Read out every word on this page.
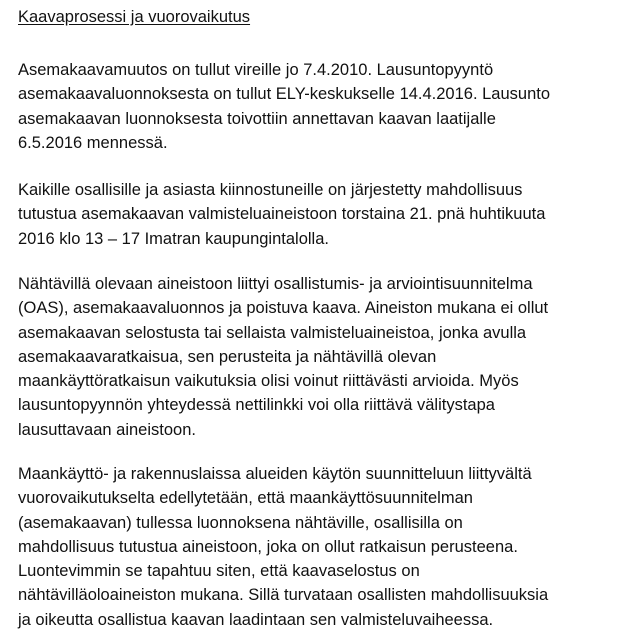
Kaavaprosessi ja vuorovaikutus

Asemakaavamuutos on tullut vireille jo 7.4.2010. Lausuntopyyntö
asemakaavaluonnoksesta on tullut ELY-keskukselle 14.4.2016. Lausunto
asemakaavan luonnoksesta toivottiin annettavan kaavan laatijalle
6.5.2016 mennessä.

Kaikille osallisille ja asiasta kiinnostuneille on järjestetty mahdollisuus
tutustua asemakaavan valmisteluaineistoon torstaina 21. pnä huhtikuuta
2016 klo 13 – 17 Imatran kaupungintalolla.

Nähtävillä olevaan aineistoon liittyi osallistumis- ja arviointisuunnitelma
(OAS), asemakaavaluonnos ja poistuva kaava. Aineiston mukana ei ollut
asemakaavan selostusta tai sellaista valmisteluaineistoa, jonka avulla
asemakaavaratkaisua, sen perusteita ja nähtävillä olevan
maankäyttöratkaisun vaikutuksia olisi voinut riittävästi arvioida. Myös
lausuntopyynnön yhteydessä nettilinkki voi olla riittävä välitystapa
lausuttavaan aineistoon.

Maankäyttö- ja rakennuslaissa alueiden käytön suunnitteluun liittyvältä
vuorovaikutukselta edellytetään, että maankäyttösuunnitelman
(asemakaavan) tullessa luonnoksena nähtäville, osallisilla on
mahdollisuus tutustua aineistoon, joka on ollut ratkaisun perusteena.
Luontevimmin se tapahtuu siten, että kaavaselostus on
nähtävilläoloaineiston mukana. Sillä turvataan osallisten mahdollisuuksia
ja oikeutta osallistua kaavan laadintaan sen valmisteluvaiheessa.
